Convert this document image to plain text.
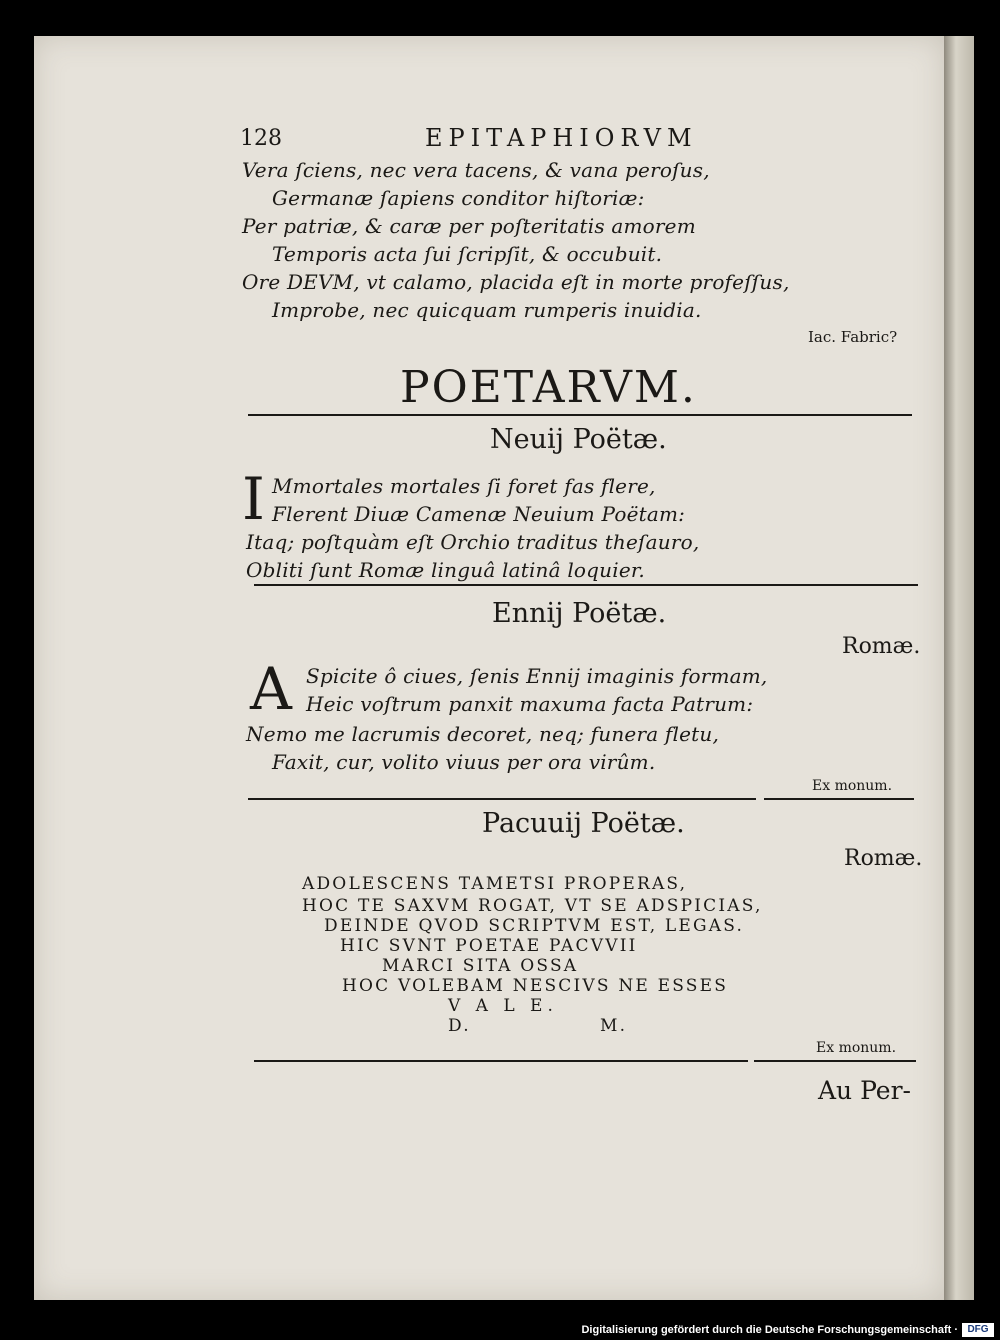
128	EPITAPHIORVM
Vera ſciens, nec vera tacens, & vana peroſus,
Germanæ ſapiens conditor hiſtoriæ:
Per patriæ, & caræ per poſteritatis amorem
Temporis acta ſui ſcripſit, & occubuit.
Ore DEVM, vt calamo, placida eſt in morte profeſſus,
Improbe, nec quicquam rumperis inuidia.
Iac. Fabric?
POETARVM.
Neuij Poëtæ.
I Mmortales mortales ſi foret fas flere,
Flerent Diuæ Camenæ Neuium Poëtam:
Itaq; poſtquàm eſt Orchio traditus theſauro,
Obliti ſunt Romæ linguâ latinâ loquier.
Ennij Poëtæ.
Romæ.
A Spicite ô ciues, ſenis Ennij imaginis formam,
Heic voſtrum panxit maxuma facta Patrum:
Nemo me lacrumis decoret, neq; funera fletu,
Faxit, cur, volito viuus per ora virûm.
Ex monum.
Pacuuij Poëtæ.
Romæ.
ADOLESCENS TAMETSI PROPERAS,
HOC TE SAXVM ROGAT, VT SE ADSPICIAS,
DEINDE QVOD SCRIPTVM EST, LEGAS.
HIC SVNT POETAE PACVVII
MARCI SITA OSSA
HOC VOLEBAM NESCIVS NE ESSES
V A L E.
D.	M.
Ex monum.
Au Per-
Digitalisierung gefördert durch die Deutsche Forschungsgemeinschaft · DFG
